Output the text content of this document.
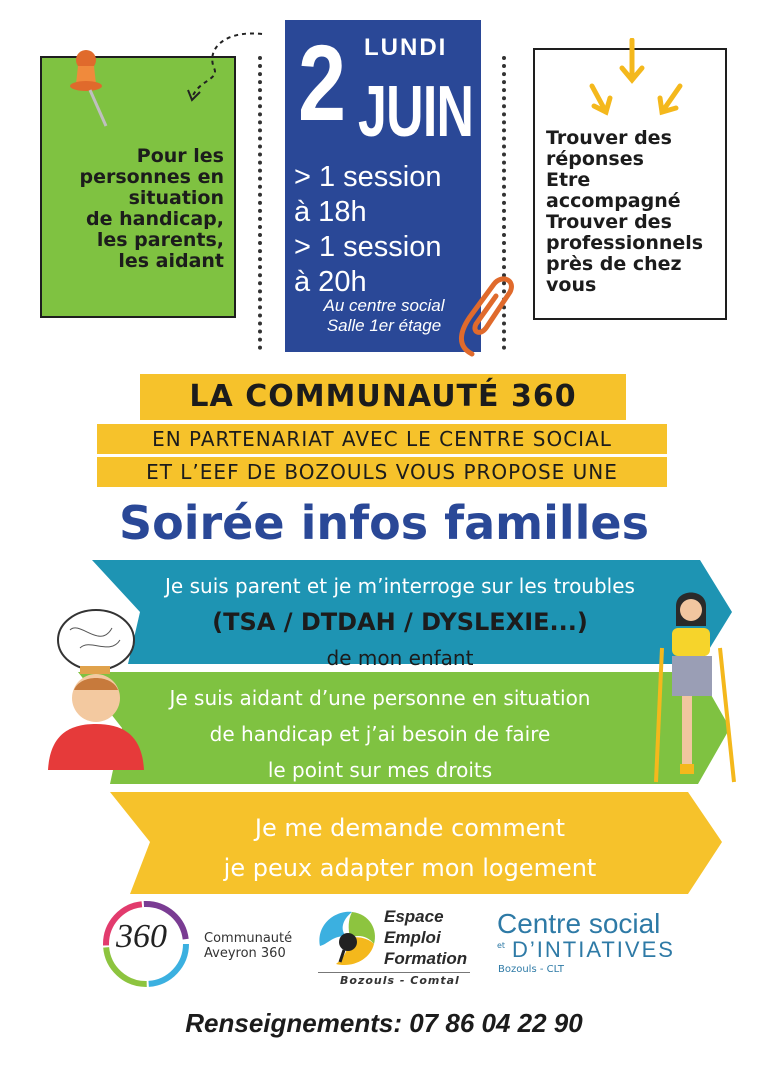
Pour les
personnes en
situation
de handicap,
les parents,
les aidant
2 LUNDI
JUIN
> 1 session
à 18h
> 1 session
à 20h
Au centre social
Salle 1er étage
Trouver des
réponses
Etre
accompagné
Trouver des
professionnels
près de chez
vous
LA COMMUNAUTÉ 360
EN PARTENARIAT AVEC LE CENTRE SOCIAL
ET L’EEF DE BOZOULS VOUS PROPOSE UNE
Soirée infos familles
Je suis parent et je m’interroge sur les troubles
(TSA / DTDAH / DYSLEXIE...)
de mon enfant
Je suis aidant d’une personne en situation
de handicap et j’ai besoin de faire
le point sur mes droits
Je me demande comment
je peux adapter mon logement
360	Communauté
Aveyron 360
Espace
Emploi
Formation
Bozouls - Comtal
Centre social
et D’INTIATIVES
Bozouls - CLT
Renseignements: 07 86 04 22 90
